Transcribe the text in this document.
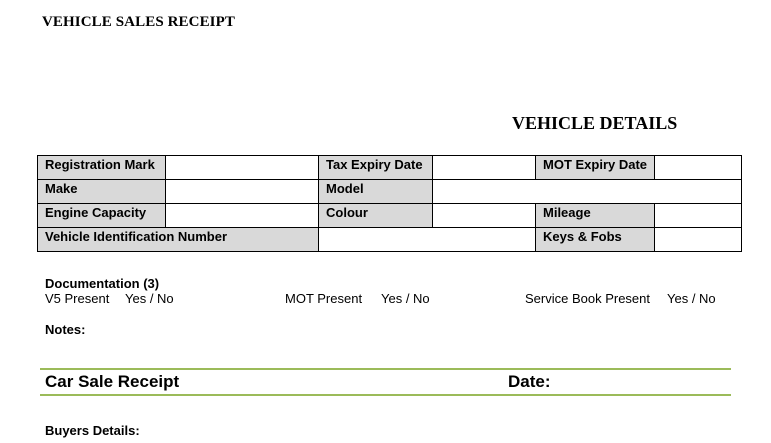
VEHICLE SALES RECEIPT
VEHICLE DETAILS
Registration Mark		Tax Expiry Date		MOT Expiry Date	

Make		Model			

Engine Capacity		Colour		Mileage	

Vehicle Identification Number				Keys & Fobs	

Documentation (3)
V5 Present Yes / No	MOT Present Yes / No	Service Book Present Yes / No
Notes:
Car Sale Receipt	Date:
Buyers Details:
